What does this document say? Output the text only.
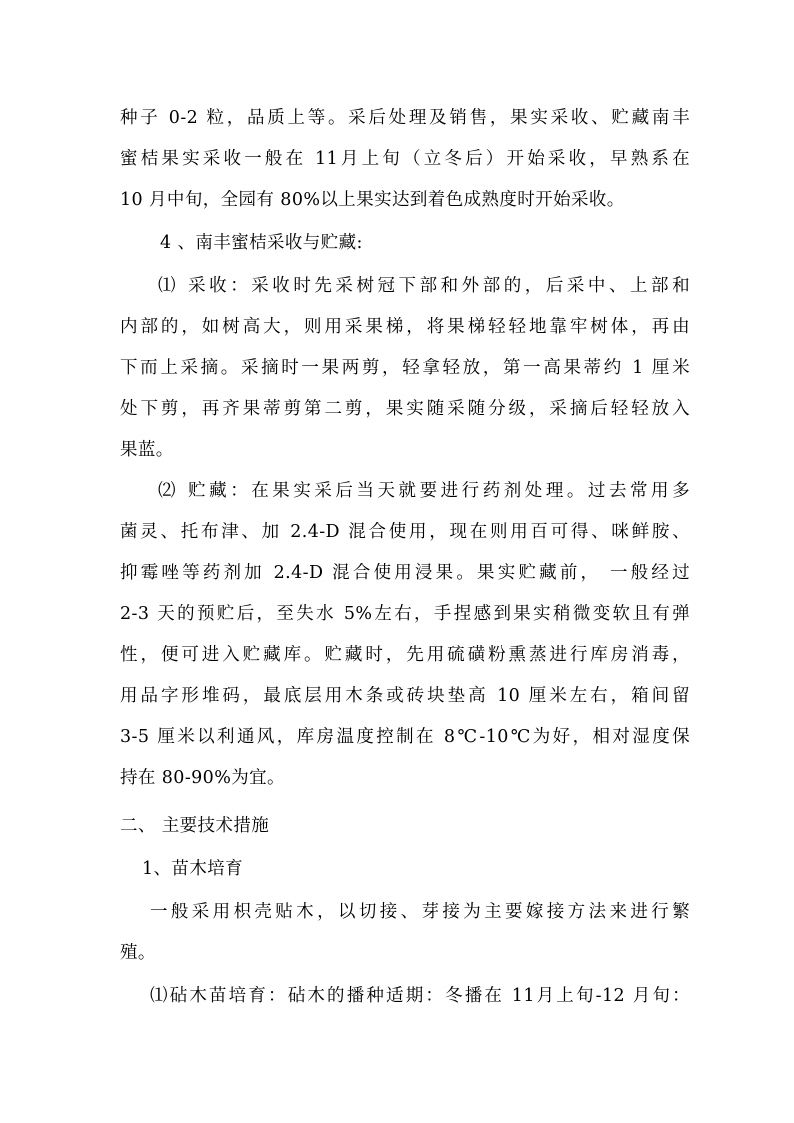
种子 0-2 粒，品质上等。采后处理及销售，果实采收、贮藏南丰
蜜桔果实采收一般在 11月上旬（立冬后）开始采收，早熟系在
10 月中旬，全园有 80%以上果实达到着色成熟度时开始采收。
4 、南丰蜜桔采收与贮藏:
⑴ 采收：采收时先采树冠下部和外部的，后采中、上部和
内部的，如树高大，则用采果梯，将果梯轻轻地靠牢树体，再由
下而上采摘。采摘时一果两剪，轻拿轻放，第一高果蒂约 1 厘米
处下剪，再齐果蒂剪第二剪，果实随采随分级，采摘后轻轻放入
果蓝。
⑵ 贮藏：在果实采后当天就要进行药剂处理。过去常用多
菌灵、托布津、加 2.4-D 混合使用，现在则用百可得、咪鲜胺、
抑霉唑等药剂加 2.4-D 混合使用浸果。果实贮藏前， 一般经过
2-3 天的预贮后，至失水 5%左右，手捏感到果实稍微变软且有弹
性，便可进入贮藏库。贮藏时，先用硫磺粉熏蒸进行库房消毒，
用品字形堆码，最底层用木条或砖块垫高 10 厘米左右，箱间留
3-5 厘米以利通风，库房温度控制在 8℃-10℃为好，相对湿度保
持在 80-90%为宜。
二、 主要技术措施
1、苗木培育
一般采用枳壳贴木，以切接、芽接为主要嫁接方法来进行繁
殖。
⑴砧木苗培育：砧木的播种适期：冬播在 11月上旬-12 月旬：
